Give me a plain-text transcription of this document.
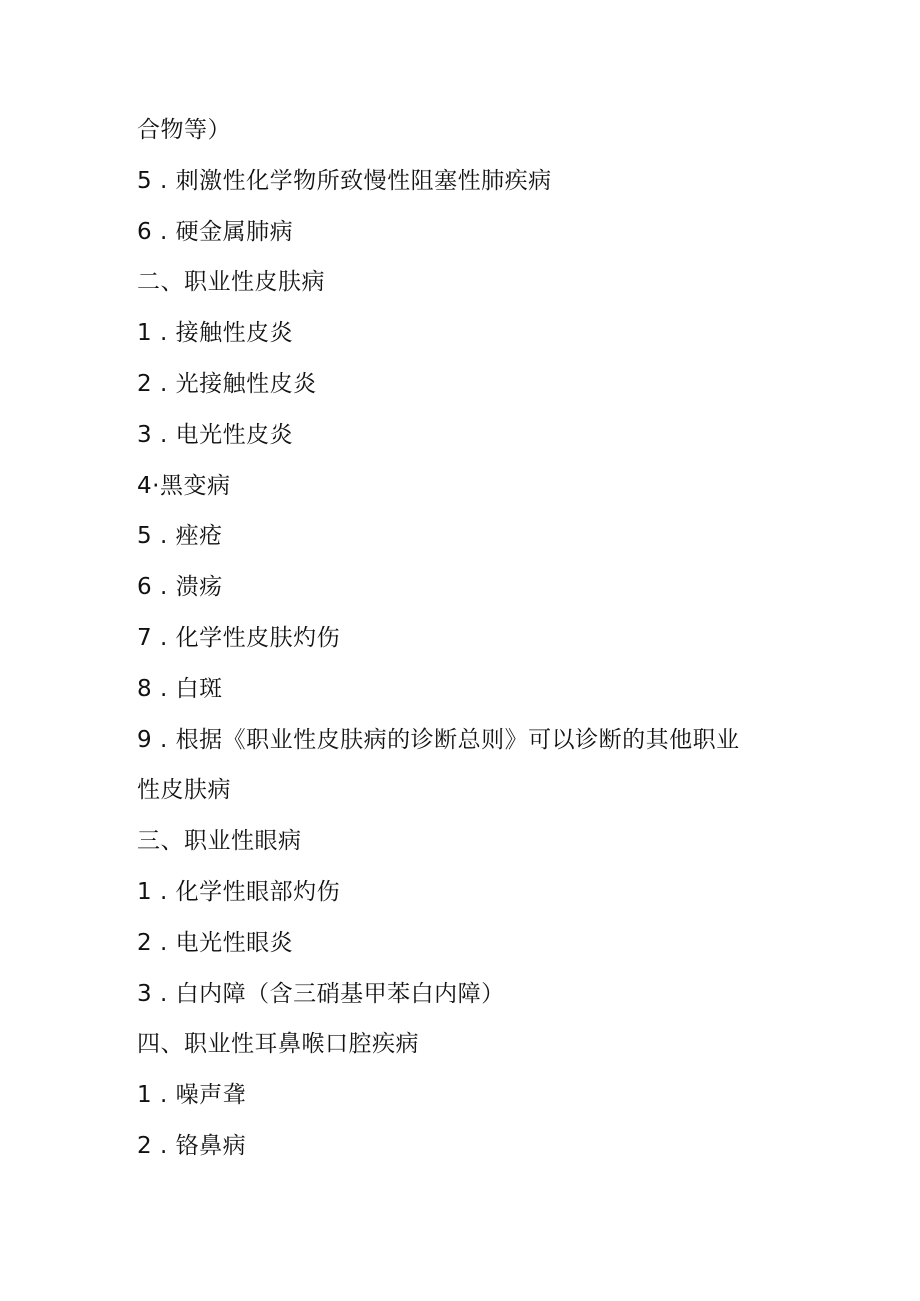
合物等）
5 . 刺激性化学物所致慢性阻塞性肺疾病
6 . 硬金属肺病
二、职业性皮肤病
1 . 接触性皮炎
2 . 光接触性皮炎
3 . 电光性皮炎
4·黑变病
5 . 痤疮
6 . 溃疡
7 . 化学性皮肤灼伤
8 . 白斑
9 . 根据《职业性皮肤病的诊断总则》可以诊断的其他职业
性皮肤病
三、职业性眼病
1 . 化学性眼部灼伤
2 . 电光性眼炎
3 . 白内障（含三硝基甲苯白内障）
四、职业性耳鼻喉口腔疾病
1 . 噪声聋
2 . 铬鼻病
